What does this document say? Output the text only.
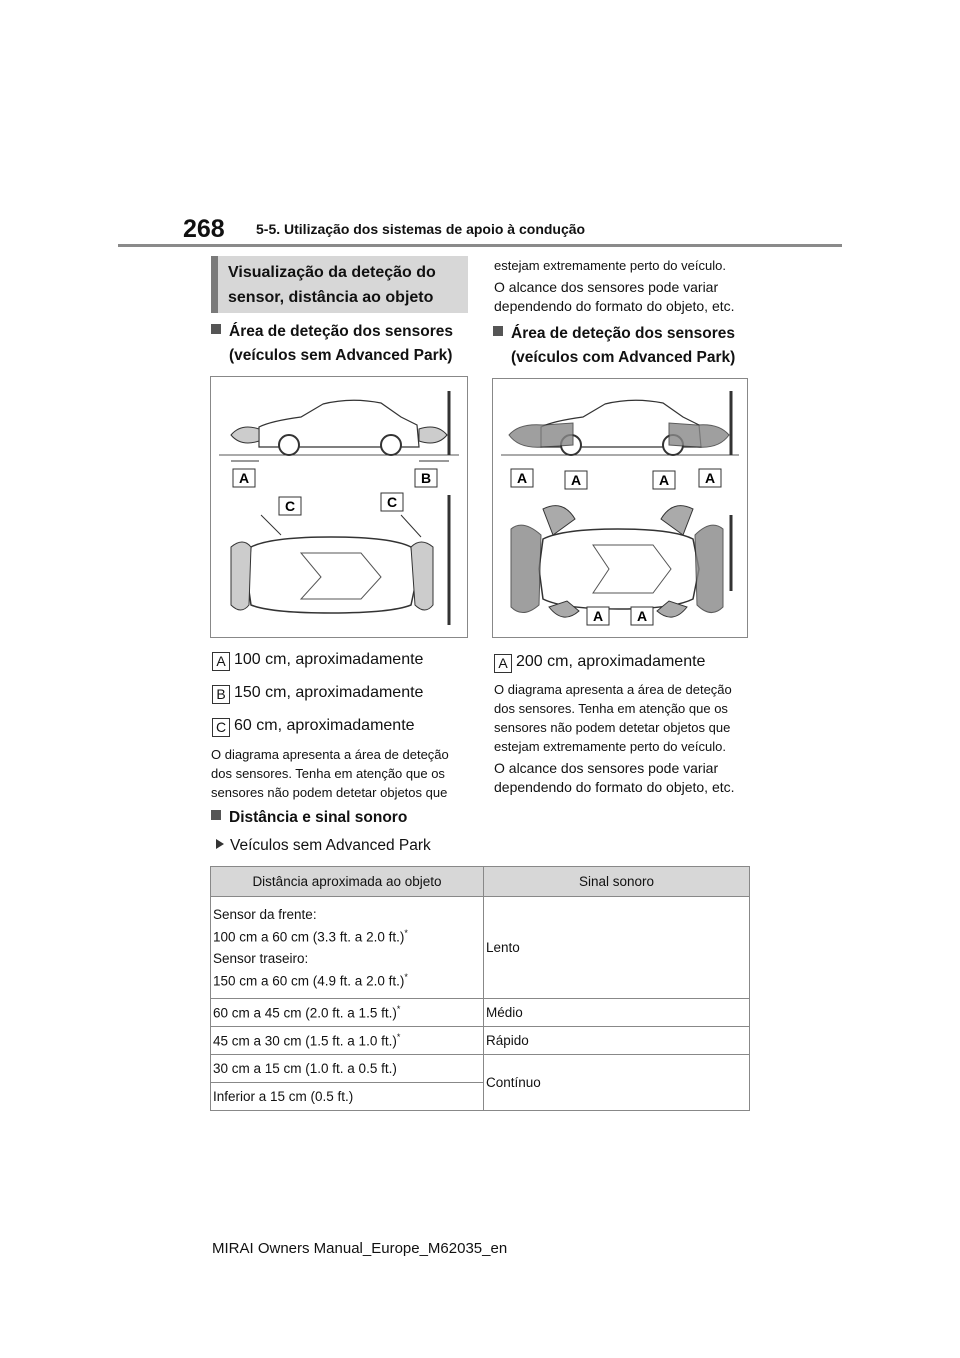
268 5-5. Utilização dos sistemas de apoio à condução
Visualização da deteção do
sensor, distância ao objeto
Área de deteção dos sensores
(veículos sem Advanced Park)
A	B
C	C
A 100 cm, aproximadamente
B 150 cm, aproximadamente
C 60 cm, aproximadamente
O diagrama apresenta a área de deteção
dos sensores. Tenha em atenção que os
sensores não podem detetar objetos que
Distância e sinal sonoro
Veículos sem Advanced Park
estejam extremamente perto do veículo.
O alcance dos sensores pode variar
dependendo do formato do objeto, etc.
Área de deteção dos sensores
(veículos com Advanced Park)
A	A	A	A
A A
A 200 cm, aproximadamente
O diagrama apresenta a área de deteção
dos sensores. Tenha em atenção que os
sensores não podem detetar objetos que
estejam extremamente perto do veículo.
O alcance dos sensores pode variar
dependendo do formato do objeto, etc.
Distância aproximada ao objeto	Sinal sonoro

Sensor da frente:

100 cm a 60 cm (3.3 ft. a 2.0 ft.)*

Sensor traseiro:

150 cm a 60 cm (4.9 ft. a 2.0 ft.)*	Lento
60 cm a 45 cm (2.0 ft. a 1.5 ft.)*	Médio
45 cm a 30 cm (1.5 ft. a 1.0 ft.)*	Rápido
30 cm a 15 cm (1.0 ft. a 0.5 ft.)	Contínuo
Inferior a 15 cm (0.5 ft.)	
MIRAI Owners Manual_Europe_M62035_en
